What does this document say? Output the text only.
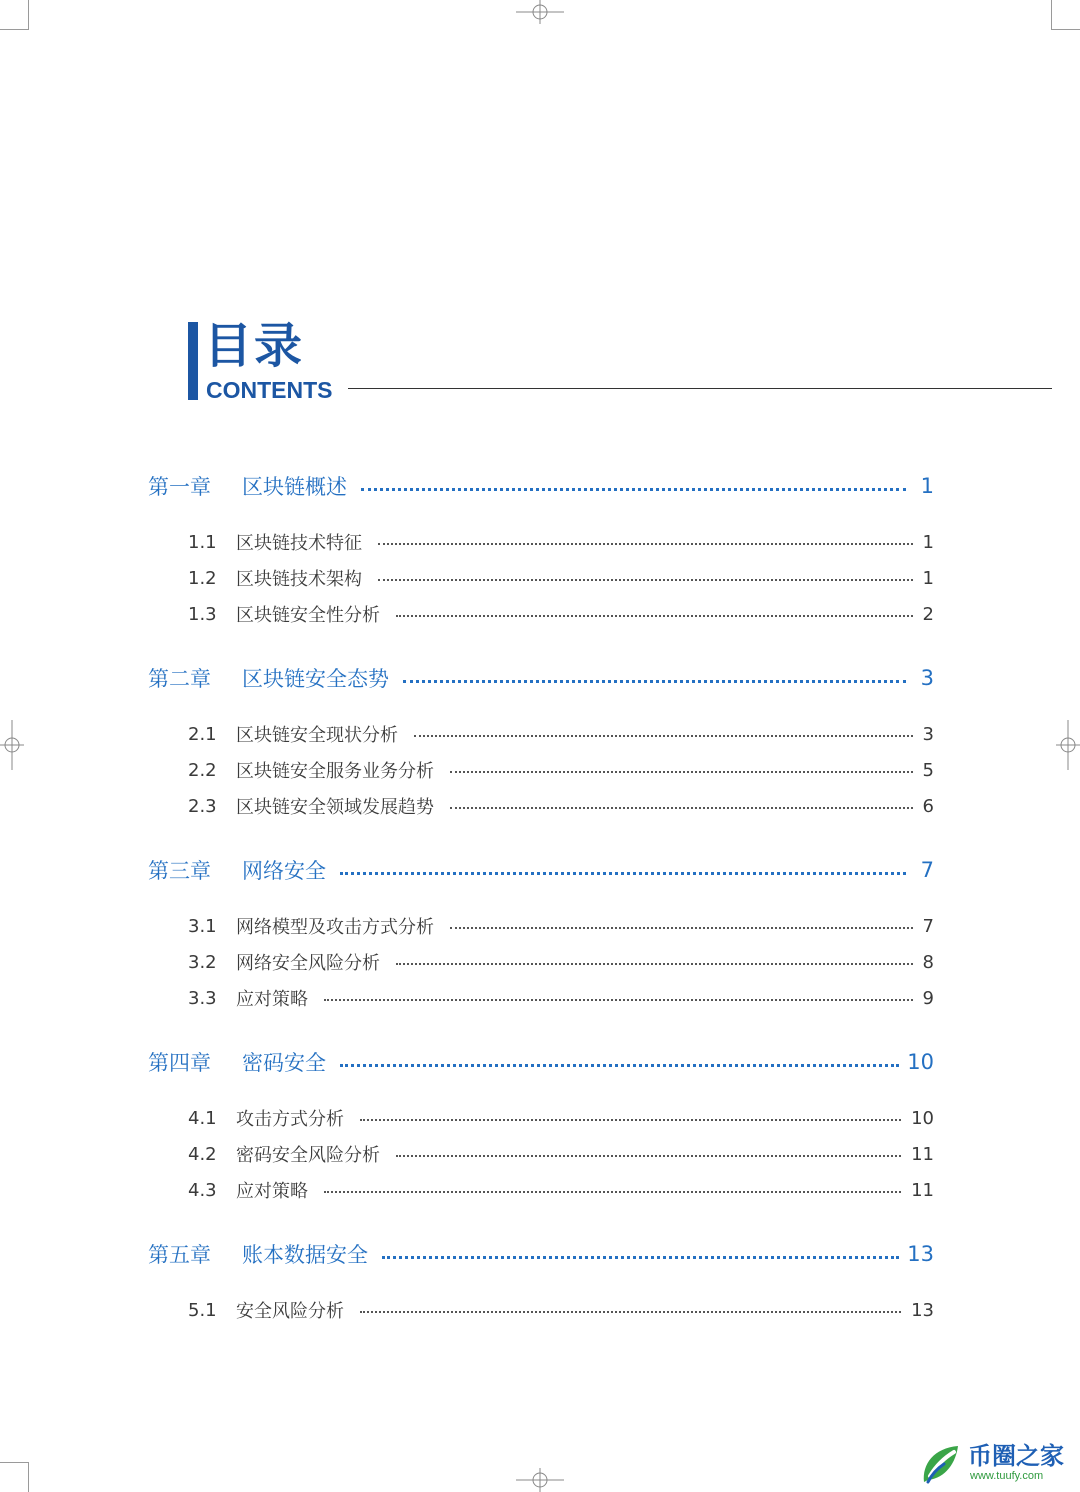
目录
CONTENTS
第一章	区块链概述	1
1.1	区块链技术特征	1
1.2	区块链技术架构	1
1.3	区块链安全性分析	2
第二章	区块链安全态势	3
2.1	区块链安全现状分析	3
2.2	区块链安全服务业务分析	5
2.3	区块链安全领域发展趋势	6
第三章	网络安全	7
3.1	网络模型及攻击方式分析	7
3.2	网络安全风险分析	8
3.3	应对策略	9
第四章	密码安全	10
4.1	攻击方式分析	10
4.2	密码安全风险分析	11
4.3	应对策略	11
第五章	账本数据安全	13
5.1	安全风险分析	13
币圈之家
www.tuufy.com
